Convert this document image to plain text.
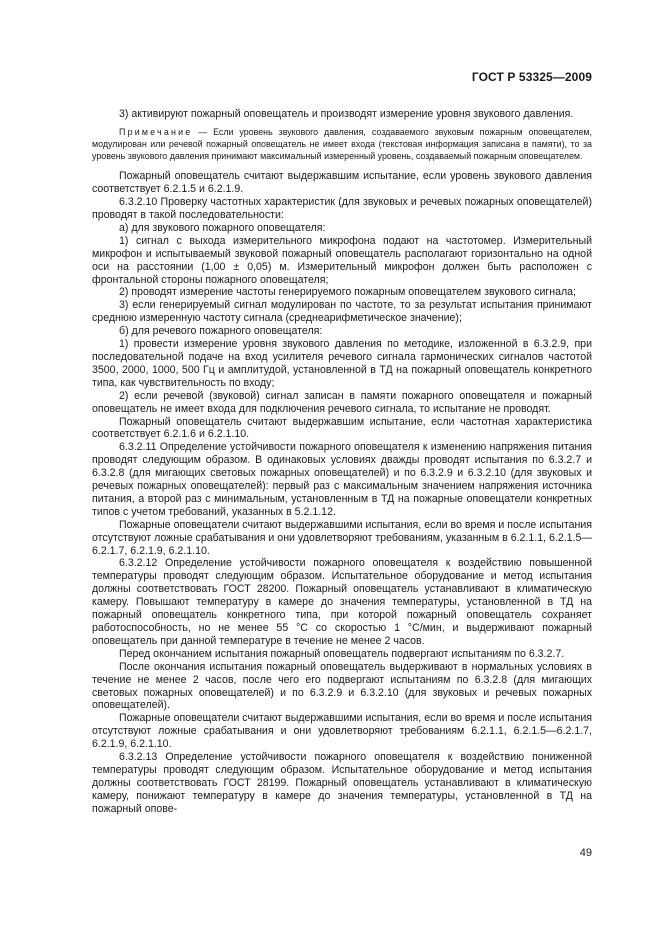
ГОСТ Р 53325—2009

3) активируют пожарный оповещатель и производят измерение уровня звукового давления.

Примечание — Если уровень звукового давления, создаваемого звуковым пожарным оповещателем, модулирован или речевой пожарный оповещатель не имеет входа (текстовая информация записана в памяти), то за уровень звукового давления принимают максимальный измеренный уровень, создаваемый пожарным оповещателем.

Пожарный оповещатель считают выдержавшим испытание, если уровень звукового давления соответствует 6.2.1.5 и 6.2.1.9.

6.3.2.10 Проверку частотных характеристик (для звуковых и речевых пожарных оповещателей) проводят в такой последовательности:

а) для звукового пожарного оповещателя:

1) сигнал с выхода измерительного микрофона подают на частотомер. Измерительный микрофон и испытываемый звуковой пожарный оповещатель располагают горизонтально на одной оси на расстоянии (1,00 ± 0,05) м. Измерительный микрофон должен быть расположен с фронтальной стороны пожарного оповещателя;

2) проводят измерение частоты генерируемого пожарным оповещателем звукового сигнала;

3) если генерируемый сигнал модулирован по частоте, то за результат испытания принимают среднюю измеренную частоту сигнала (среднеарифметическое значение);

б) для речевого пожарного оповещателя:

1) провести измерение уровня звукового давления по методике, изложенной в 6.3.2.9, при последовательной подаче на вход усилителя речевого сигнала гармонических сигналов частотой 3500, 2000, 1000, 500 Гц и амплитудой, установленной в ТД на пожарный оповещатель конкретного типа, как чувствительность по входу;

2) если речевой (звуковой) сигнал записан в памяти пожарного оповещателя и пожарный оповещатель не имеет входа для подключения речевого сигнала, то испытание не проводят.

Пожарный оповещатель считают выдержавшим испытание, если частотная характеристика соответствует 6.2.1.6 и 6.2.1.10.

6.3.2.11 Определение устойчивости пожарного оповещателя к изменению напряжения питания проводят следующим образом. В одинаковых условиях дважды проводят испытания по 6.3.2.7 и 6.3.2.8 (для мигающих световых пожарных оповещателей) и по 6.3.2.9 и 6.3.2.10 (для звуковых и речевых пожарных оповещателей): первый раз с максимальным значением напряжения источника питания, а второй раз с минимальным, установленным в ТД на пожарные оповещатели конкретных типов с учетом требований, указанных в 5.2.1.12.

Пожарные оповещатели считают выдержавшими испытания, если во время и после испытания отсутствуют ложные срабатывания и они удовлетворяют требованиям, указанным в 6.2.1.1, 6.2.1.5—6.2.1.7, 6.2.1.9, 6.2.1.10.

6.3.2.12 Определение устойчивости пожарного оповещателя к воздействию повышенной температуры проводят следующим образом. Испытательное оборудование и метод испытания должны соответствовать ГОСТ 28200. Пожарный оповещатель устанавливают в климатическую камеру. Повышают температуру в камере до значения температуры, установленной в ТД на пожарный оповещатель конкретного типа, при которой пожарный оповещатель сохраняет работоспособность, но не менее 55 °С со скоростью 1 °С/мин, и выдерживают пожарный оповещатель при данной температуре в течение не менее 2 часов.

Перед окончанием испытания пожарный оповещатель подвергают испытаниям по 6.3.2.7.

После окончания испытания пожарный оповещатель выдерживают в нормальных условиях в течение не менее 2 часов, после чего его подвергают испытаниям по 6.3.2.8 (для мигающих световых пожарных оповещателей) и по 6.3.2.9 и 6.3.2.10 (для звуковых и речевых пожарных оповещателей).

Пожарные оповещатели считают выдержавшими испытания, если во время и после испытания отсутствуют ложные срабатывания и они удовлетворяют требованиям 6.2.1.1, 6.2.1.5—6.2.1.7, 6.2.1.9, 6.2.1.10.

6.3.2.13 Определение устойчивости пожарного оповещателя к воздействию пониженной температуры проводят следующим образом. Испытательное оборудование и метод испытания должны соответствовать ГОСТ 28199. Пожарный оповещатель устанавливают в климатическую камеру, понижают температуру в камере до значения температуры, установленной в ТД на пожарный опове-

49
